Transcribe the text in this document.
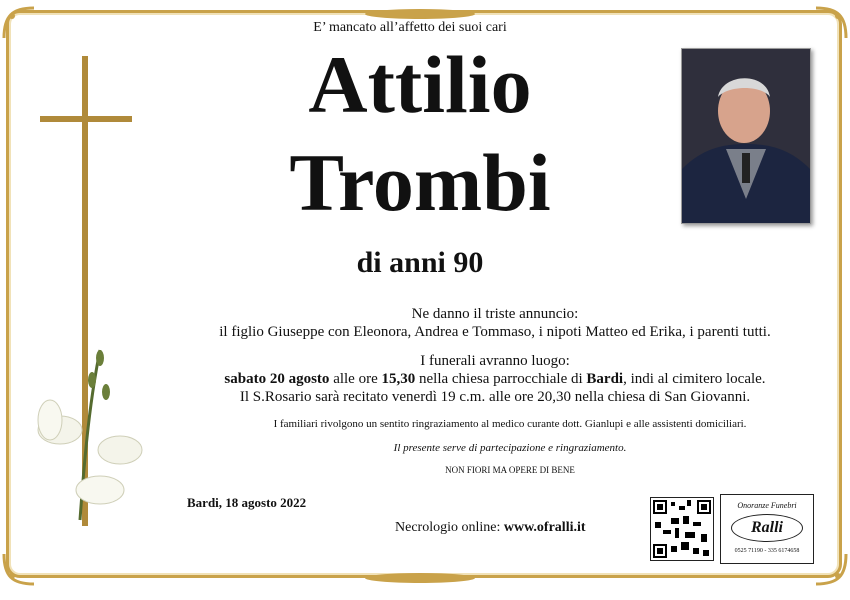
E’ mancato all’affetto dei suoi cari
Attilio
Trombi
di anni 90
Ne danno il triste annuncio:
il figlio Giuseppe con Eleonora, Andrea e Tommaso, i nipoti Matteo ed Erika, i parenti tutti.
I funerali avranno luogo:
sabato 20 agosto alle ore 15,30 nella chiesa parrocchiale di Bardi, indi al cimitero locale.
Il S.Rosario sarà recitato venerdì 19 c.m. alle ore 20,30 nella chiesa di San Giovanni.
I familiari rivolgono un sentito ringraziamento al medico curante dott. Gianlupi e alle assistenti domiciliari.
Il presente serve di partecipazione e ringraziamento.
NON FIORI MA OPERE DI BENE
Bardi, 18 agosto 2022
Necrologio online: www.ofralli.it
Onoranze Funebri
Ralli
0525 71190 - 335 6174658
